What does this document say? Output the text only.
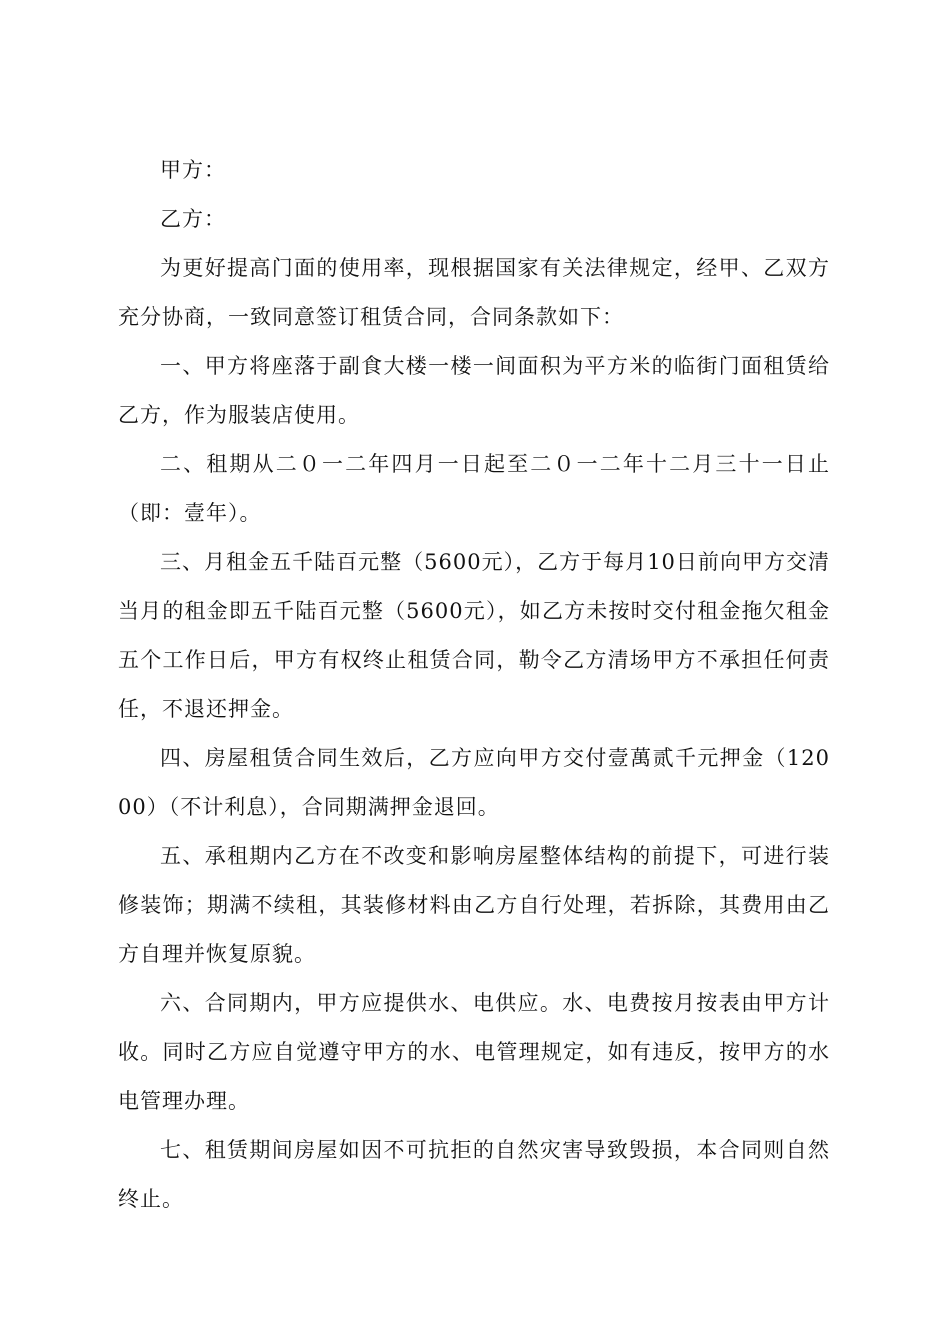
甲方：

乙方：

为更好提高门面的使用率，现根据国家有关法律规定，经甲、乙双方充分协商，一致同意签订租赁合同，合同条款如下：

一、甲方将座落于副食大楼一楼一间面积为平方米的临街门面租赁给乙方，作为服装店使用。

二、租期从二０一二年四月一日起至二０一二年十二月三十一日止（即：壹年）。

三、月租金五千陆百元整（5600元），乙方于每月10日前向甲方交清当月的租金即五千陆百元整（5600元），如乙方未按时交付租金拖欠租金五个工作日后，甲方有权终止租赁合同，勒令乙方清场甲方不承担任何责任，不退还押金。

四、房屋租赁合同生效后，乙方应向甲方交付壹萬贰千元押金（12000）（不计利息），合同期满押金退回。

五、承租期内乙方在不改变和影响房屋整体结构的前提下，可进行装修装饰；期满不续租，其装修材料由乙方自行处理，若拆除，其费用由乙方自理并恢复原貌。

六、合同期内，甲方应提供水、电供应。水、电费按月按表由甲方计收。同时乙方应自觉遵守甲方的水、电管理规定，如有违反，按甲方的水电管理办理。

七、租赁期间房屋如因不可抗拒的自然灾害导致毁损，本合同则自然终止。
